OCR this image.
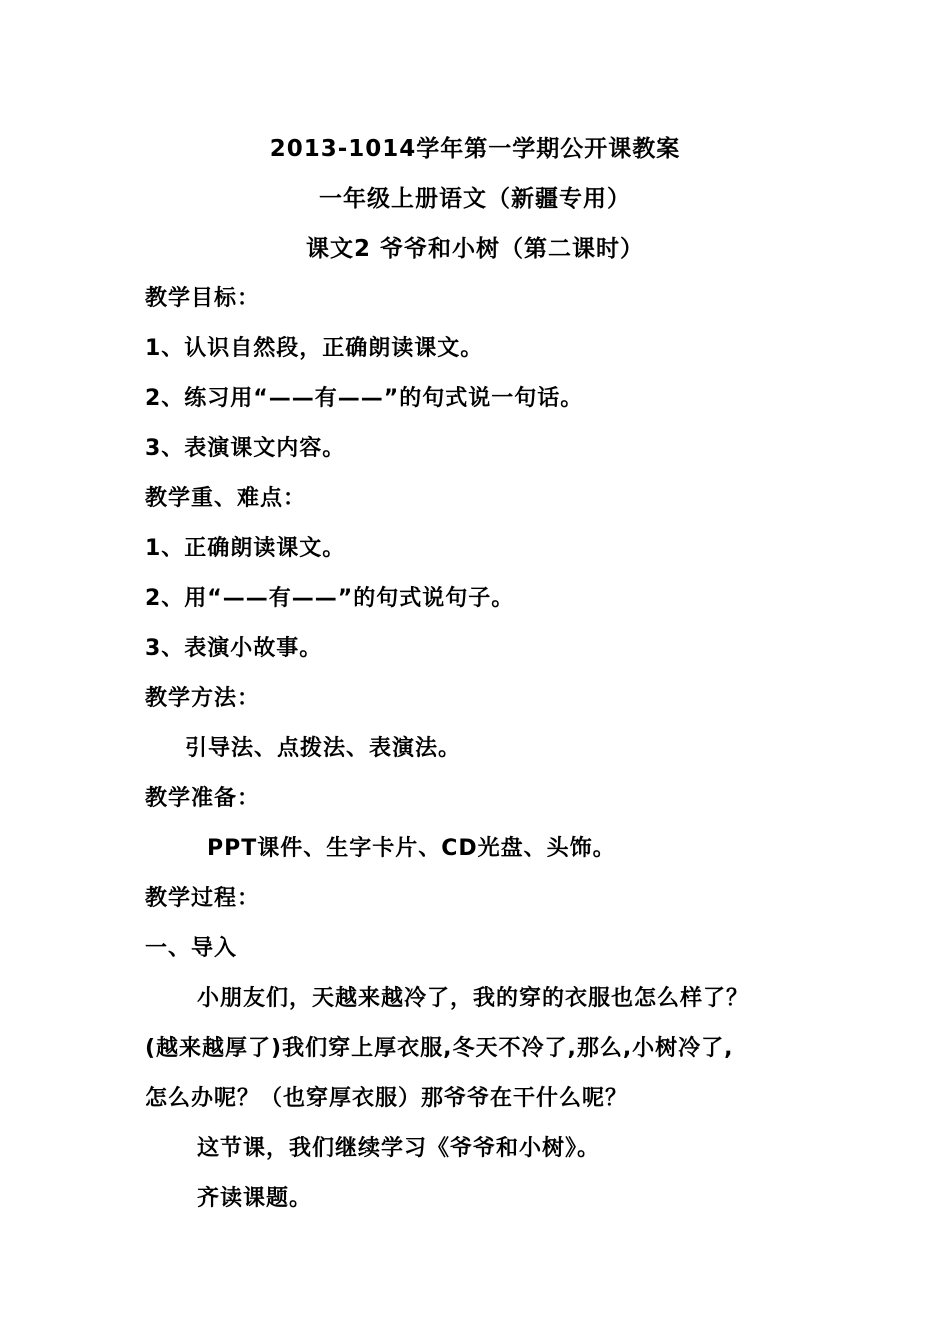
2013-1014学年第一学期公开课教案
一年级上册语文（新疆专用）
课文2 爷爷和小树（第二课时）
教学目标：
1、认识自然段，正确朗读课文。
2、练习用“——有——”的句式说一句话。
3、表演课文内容。
教学重、难点：
1、正确朗读课文。
2、用“——有——”的句式说句子。
3、表演小故事。
教学方法：
引导法、点拨法、表演法。
教学准备：
PPT课件、生字卡片、CD光盘、头饰。
教学过程：
一、导入
小朋友们，天越来越冷了，我的穿的衣服也怎么样了？
(越来越厚了)我们穿上厚衣服,冬天不冷了,那么,小树冷了,
怎么办呢？（也穿厚衣服）那爷爷在干什么呢？
这节课，我们继续学习《爷爷和小树》。
齐读课题。
